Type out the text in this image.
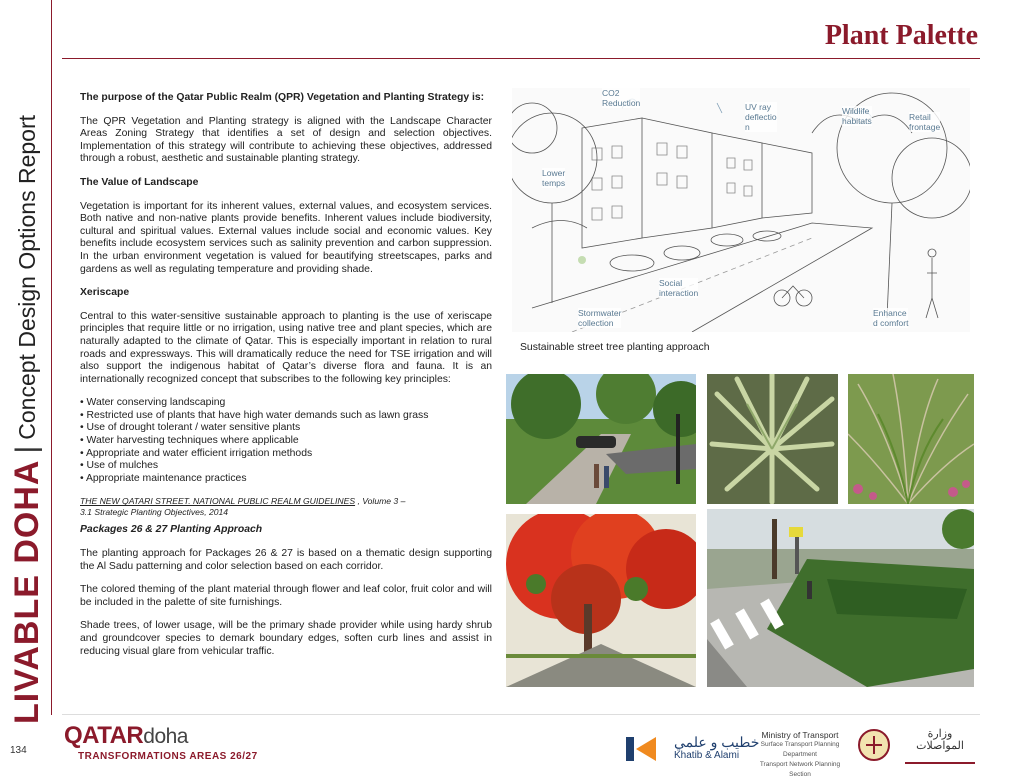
LIVABLE DOHA
|
Concept Design Options Report
134
Plant Palette
The purpose of the Qatar Public Realm (QPR) Vegetation and Planting Strategy is:

The QPR Vegetation and Planting strategy is aligned with the Landscape Character Areas Zoning Strategy that identifies a set of design and selection objectives. Implementation of this strategy will contribute to achieving these objectives, addressed through a robust, aesthetic and sustainable planting strategy.

The Value of Landscape

Vegetation is important for its inherent values, external values, and ecosystem services. Both native and non-native plants provide benefits. Inherent values include biodiversity, cultural and spiritual values. External values include social and economic values. Key benefits include ecosystem services such as salinity prevention and carbon suppression. In the urban environment vegetation is valued for beautifying streetscapes, parks and gardens as well as regulating temperature and providing shade.

Xeriscape

Central to this water-sensitive sustainable approach to planting is the use of xeriscape principles that require little or no irrigation, using native tree and plant species, which are naturally adapted to the climate of Qatar. This is especially important in relation to rural roads and expressways. This will dramatically reduce the need for TSE irrigation and will also support the indigenous habitat of Qatar’s diverse flora and fauna. It is an internationally recognized concept that subscribes to the following key principles:

• Water conserving landscaping
• Restricted use of plants that have high water demands such as lawn grass
• Use of drought tolerant / water sensitive plants
• Water harvesting techniques where applicable
• Appropriate and water efficient irrigation methods
• Use of mulches
• Appropriate maintenance practices
THE NEW QATARI STREET. NATIONAL PUBLIC REALM GUIDELINES , Volume 3 –
3.1 Strategic Planting Objectives, 2014
Packages 26 & 27 Planting Approach

The planting approach for Packages 26 & 27 is based on a thematic design supporting the Al Sadu patterning and color selection based on each corridor.

The colored theming of the plant material through flower and leaf color, fruit color and will be included in the palette of site furnishings.

Shade trees, of lower usage, will be the primary shade provider while using hardy shrub and groundcover species to demark boundary edges, soften curb lines and assist in reducing visual glare from vehicular traffic.

CO2
Reduction	UV ray
deflectio
n
Wildlife
habitats	Retail
frontage
Lower
temps
Social
interaction
Stormwater
collection
Enhance
d comfort
Sustainable street tree planting approach
QATARdoha
TRANSFORMATIONS AREAS 26/27
خطيب و علمي
Khatib & Alami
Ministry of Transport
Surface Transport Planning Department
Transport Network Planning Section
وزارة المواصلات
